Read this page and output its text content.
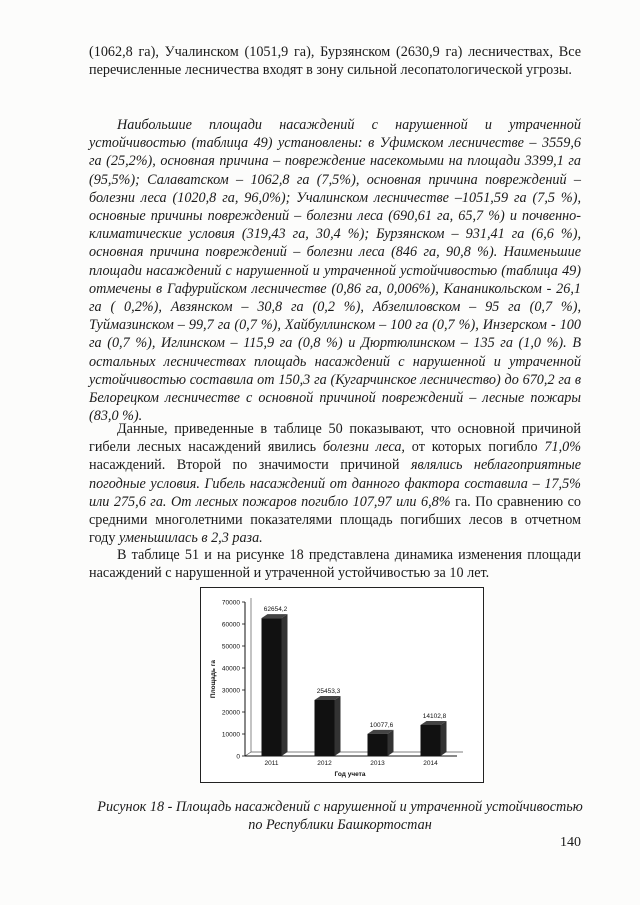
(1062,8 га), Учалинском (1051,9 га), Бурзянском (2630,9 га) лесничествах, Все перечисленные лесничества входят в зону сильной лесопатологической угрозы.

Наибольшие площади насаждений с нарушенной и утраченной устойчивостью (таблица 49) установлены: в Уфимском лесничестве – 3559,6 га (25,2%), основная причина – повреждение насекомыми на площади 3399,1 га (95,5%); Салаватском – 1062,8 га (7,5%), основная причина повреждений – болезни леса (1020,8 га, 96,0%); Учалинском лесничестве –1051,59 га (7,5 %), основные причины повреждений – болезни леса (690,61 га, 65,7 %) и почвенно-климатические условия (319,43 га, 30,4 %); Бурзянском – 931,41 га (6,6 %), основная причина повреждений – болезни леса (846 га, 90,8 %). Наименьшие площади насаждений с нарушенной и утраченной устойчивостью (таблица 49) отмечены в Гафурийском лесничестве (0,86 га, 0,006%), Кананикольском - 26,1 га ( 0,2%), Авзянском – 30,8 га (0,2 %), Абзелиловском – 95 га (0,7 %), Туймазинском – 99,7 га (0,7 %), Хайбуллинском – 100 га (0,7 %), Инзерском - 100 га (0,7 %), Иглинском – 115,9 га (0,8 %) и Дюртюлинском – 135 га (1,0 %). В остальных лесничествах площадь насаждений с нарушенной и утраченной устойчивостью составила от 150,3 га (Кугарчинское лесничество) до 670,2 га в Белорецком лесничестве с основной причиной повреждений – лесные пожары (83,0 %).

Данные, приведенные в таблице 50 показывают, что основной причиной гибели лесных насаждений явились болезни леса, от которых погибло 71,0% насаждений. Второй по значимости причиной являлись неблагоприятные погодные условия. Гибель насаждений от данного фактора составила – 17,5% или 275,6 га. От лесных пожаров погибло 107,97 или 6,8% га. По сравнению со средними многолетними показателями площадь погибших лесов в отчетном году уменьшилась в 2,3 раза.

В таблице 51 и на рисунке 18 представлена динамика изменения площади насаждений с нарушенной и утраченной устойчивостью за 10 лет.

0
10000
20000
30000
40000
50000
60000
70000
62654,2
2011
25453,3
2012
10077,6
2013
14102,8
2014
Год учета
Площадь га
Рисунок 18 - Площадь насаждений с нарушенной и утраченной устойчивостью по Республики Башкортостан
140
